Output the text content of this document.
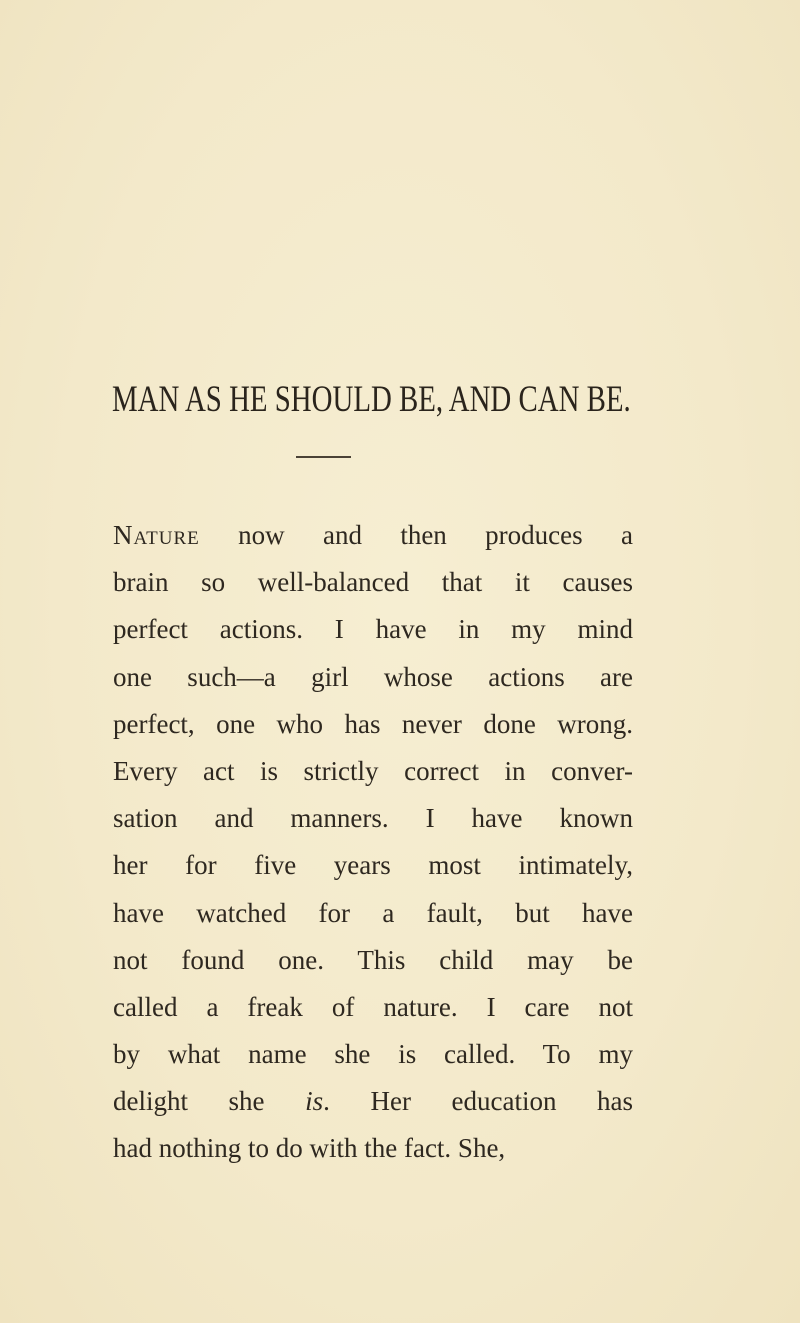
MAN AS HE SHOULD BE, AND CAN BE.
Nature now and then produces a
brain so well-balanced that it causes
perfect actions. I have in my mind
one such—a girl whose actions are
perfect, one who has never done wrong.
Every act is strictly correct in conver-
sation and manners. I have known
her for five years most intimately,
have watched for a fault, but have
not found one. This child may be
called a freak of nature. I care not
by what name she is called. To my
delight she is. Her education has
had nothing to do with the fact. She,
